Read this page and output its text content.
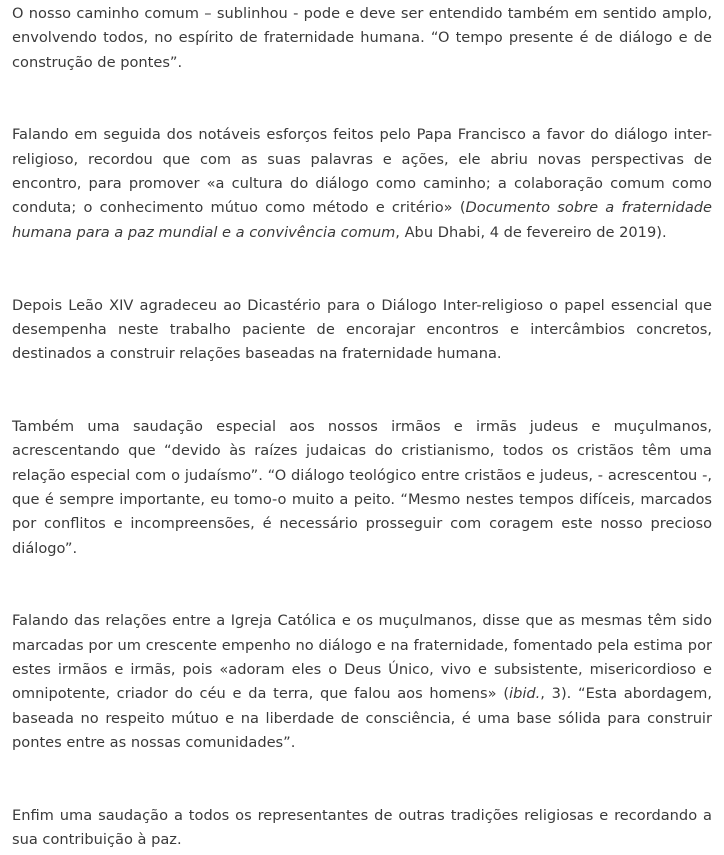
O nosso caminho comum – sublinhou - pode e deve ser entendido também em sentido amplo, envolvendo todos, no espírito de fraternidade humana. “O tempo presente é de diálogo e de construção de pontes”.

Falando em seguida dos notáveis esforços feitos pelo Papa Francisco a favor do diálogo inter-religioso, recordou que com as suas palavras e ações, ele abriu novas perspectivas de encontro, para promover «a cultura do diálogo como caminho; a colaboração comum como conduta; o conhecimento mútuo como método e critério» (Documento sobre a fraternidade humana para a paz mundial e a convivência comum, Abu Dhabi, 4 de fevereiro de 2019).

Depois Leão XIV agradeceu ao Dicastério para o Diálogo Inter-religioso o papel essencial que desempenha neste trabalho paciente de encorajar encontros e intercâmbios concretos, destinados a construir relações baseadas na fraternidade humana.

Também uma saudação especial aos nossos irmãos e irmãs judeus e muçulmanos, acrescentando que “devido às raízes judaicas do cristianismo, todos os cristãos têm uma relação especial com o judaísmo”. “O diálogo teológico entre cristãos e judeus, - acrescentou -, que é sempre importante, eu tomo-o muito a peito. “Mesmo nestes tempos difíceis, marcados por conflitos e incompreensões, é necessário prosseguir com coragem este nosso precioso diálogo”.

Falando das relações entre a Igreja Católica e os muçulmanos, disse que as mesmas têm sido marcadas por um crescente empenho no diálogo e na fraternidade, fomentado pela estima por estes irmãos e irmãs, pois «adoram eles o Deus Único, vivo e subsistente, misericordioso e omnipotente, criador do céu e da terra, que falou aos homens» (ibid., 3). “Esta abordagem, baseada no respeito mútuo e na liberdade de consciência, é uma base sólida para construir pontes entre as nossas comunidades”.

Enfim uma saudação a todos os representantes de outras tradições religiosas e recordando a sua contribuição à paz.
